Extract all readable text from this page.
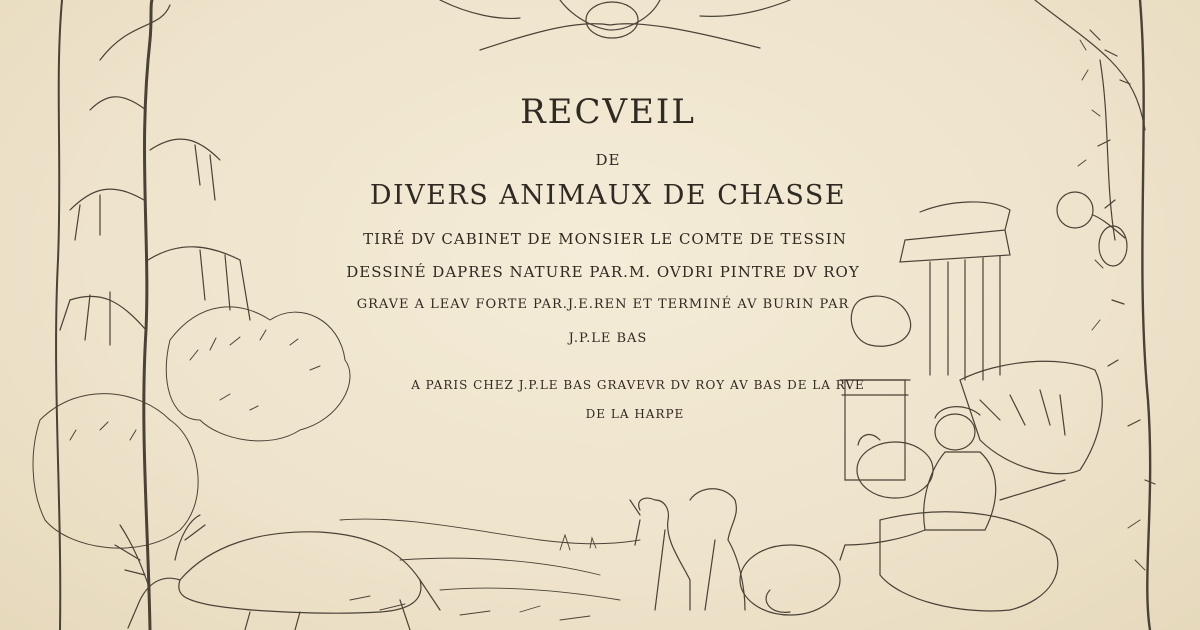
RECVEIL
DE
DIVERS ANIMAUX DE CHASSE
TIRÉ DV CABINET DE MONSIER LE COMTE DE TESSIN
DESSINÉ DAPRES NATURE PAR.M. OVDRI PINTRE DV ROY
GRAVE A LEAV FORTE PAR.J.E.REN ET TERMINÉ AV BURIN PAR
J.P.LE BAS
A PARIS CHEZ J.P.LE BAS GRAVEVR DV ROY AV BAS DE LA RVE
DE LA HARPE
